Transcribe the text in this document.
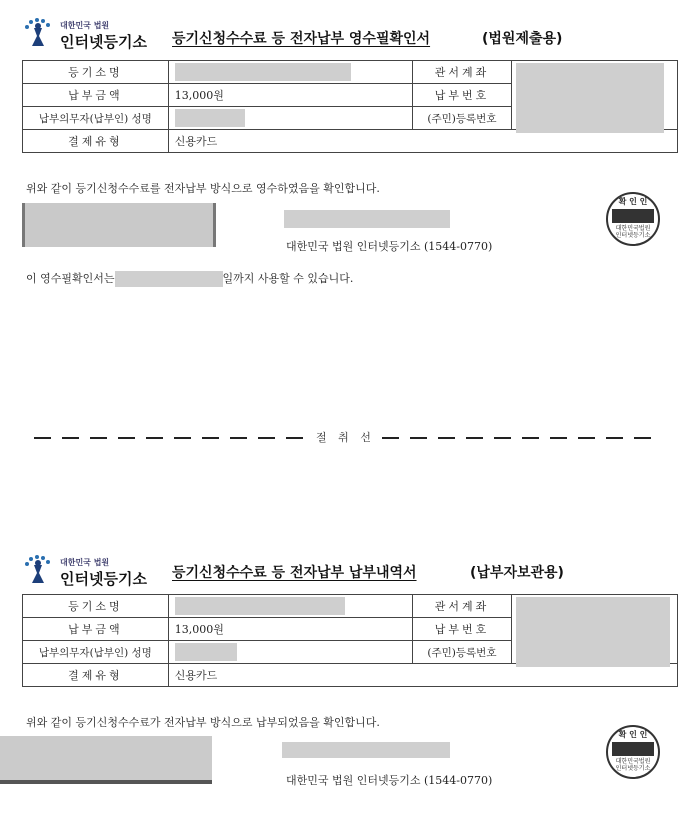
대한민국 법원
인터넷등기소 등기신청수수료 등 전자납부 영수필확인서	(법원제출용)
등기소명		관서계좌	

납부금액	13,000원	납부번호	
납부의무자(납부인) 성명		(주민)등록번호	
결제유형	신용카드		
위와 같이 등기신청수수료를 전자납부 방식으로 영수하였음을 확인합니다.
대한민국 법원 인터넷등기소 (1544-0770)
확 인 인
대한민국법원
인터넷등기소
이 영수필확인서는	일까지 사용할 수 있습니다.
절 취 선
대한민국 법원
인터넷등기소 등기신청수수료 등 전자납부 납부내역서	(납부자보관용)
등기소명		관서계좌	

납부금액	13,000원	납부번호	
납부의무자(납부인) 성명		(주민)등록번호	
결제유형	신용카드		
위와 같이 등기신청수수료가 전자납부 방식으로 납부되었음을 확인합니다.
대한민국 법원 인터넷등기소 (1544-0770)
확 인 인
대한민국법원
인터넷등기소
